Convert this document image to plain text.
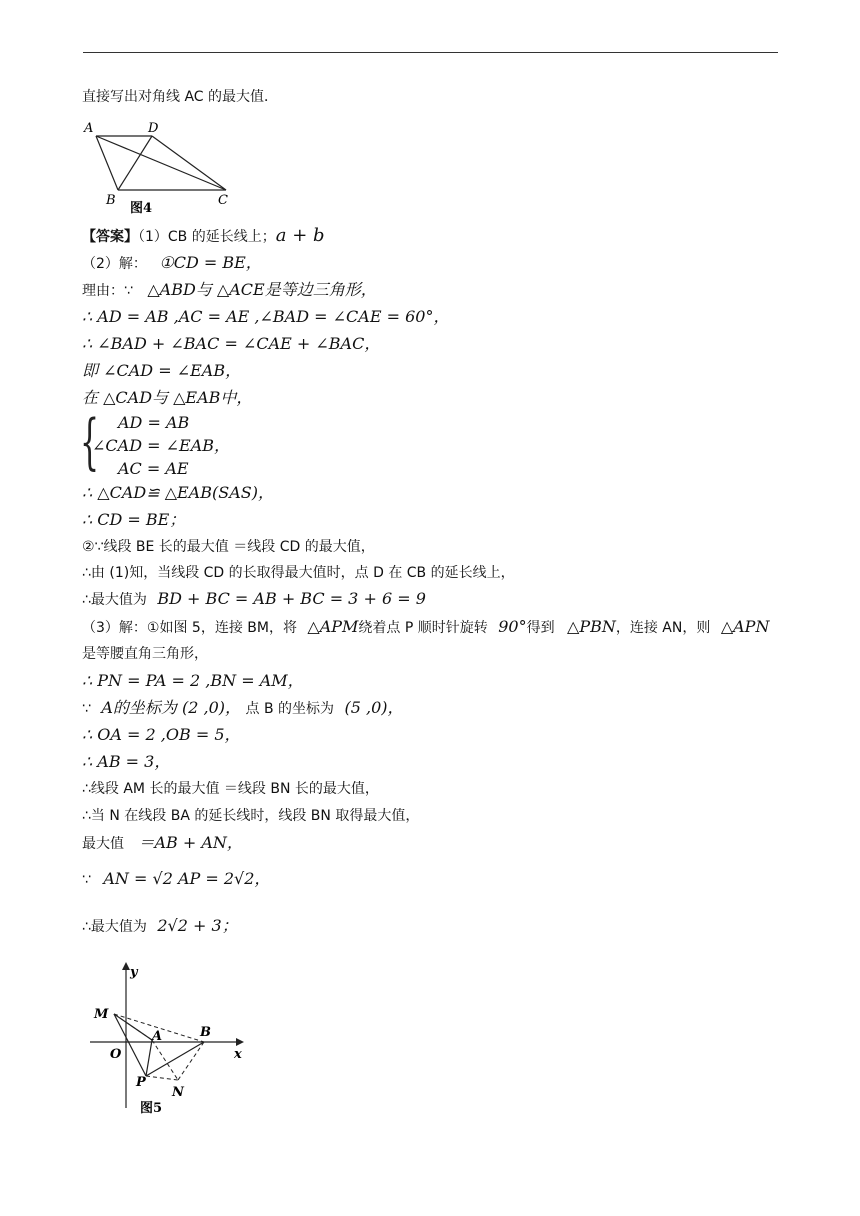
直接写出对角线 AC 的最大值．
A	D
B	C
图4
【答案】（1）CB 的延长线上；a + b
（2）解： ①CD = BE，
理由：∵ △ABD与 △ACE是等边三角形，
∴ AD = AB ,AC = AE ,∠BAD = ∠CAE = 60°，
∴ ∠BAD + ∠BAC = ∠CAE + ∠BAC，
即 ∠CAD = ∠EAB，
在 △CAD与 △EAB中，
{ AD = AB
∠CAD = ∠EAB，
AC = AE
∴ △CAD≌ △EAB(SAS)，
∴ CD = BE；
②∵线段 BE 长的最大值 ＝线段 CD 的最大值，
∴由 (1)知，当线段 CD 的长取得最大值时，点 D 在 CB 的延长线上，
∴最大值为 BD + BC = AB + BC = 3 + 6 = 9
（3）解：①如图 5，连接 BM，将 △APM绕着点 P 顺时针旋转 90°得到 △PBN，连接 AN，则 △APN
是等腰直角三角形，
∴ PN = PA = 2 ,BN = AM，
∵ A的坐标为 (2 ,0)， 点 B 的坐标为 (5 ,0)，
∴ OA = 2 ,OB = 5，
∴ AB = 3，
∴线段 AM 长的最大值 ＝线段 BN 长的最大值，
∴当 N 在线段 BA 的延长线时，线段 BN 取得最大值，
最大值 ＝AB + AN，
∵ AN = √2 AP = 2√2，
∴最大值为 2√2 + 3；
y
x
M
O
A	B
P
N
图5
